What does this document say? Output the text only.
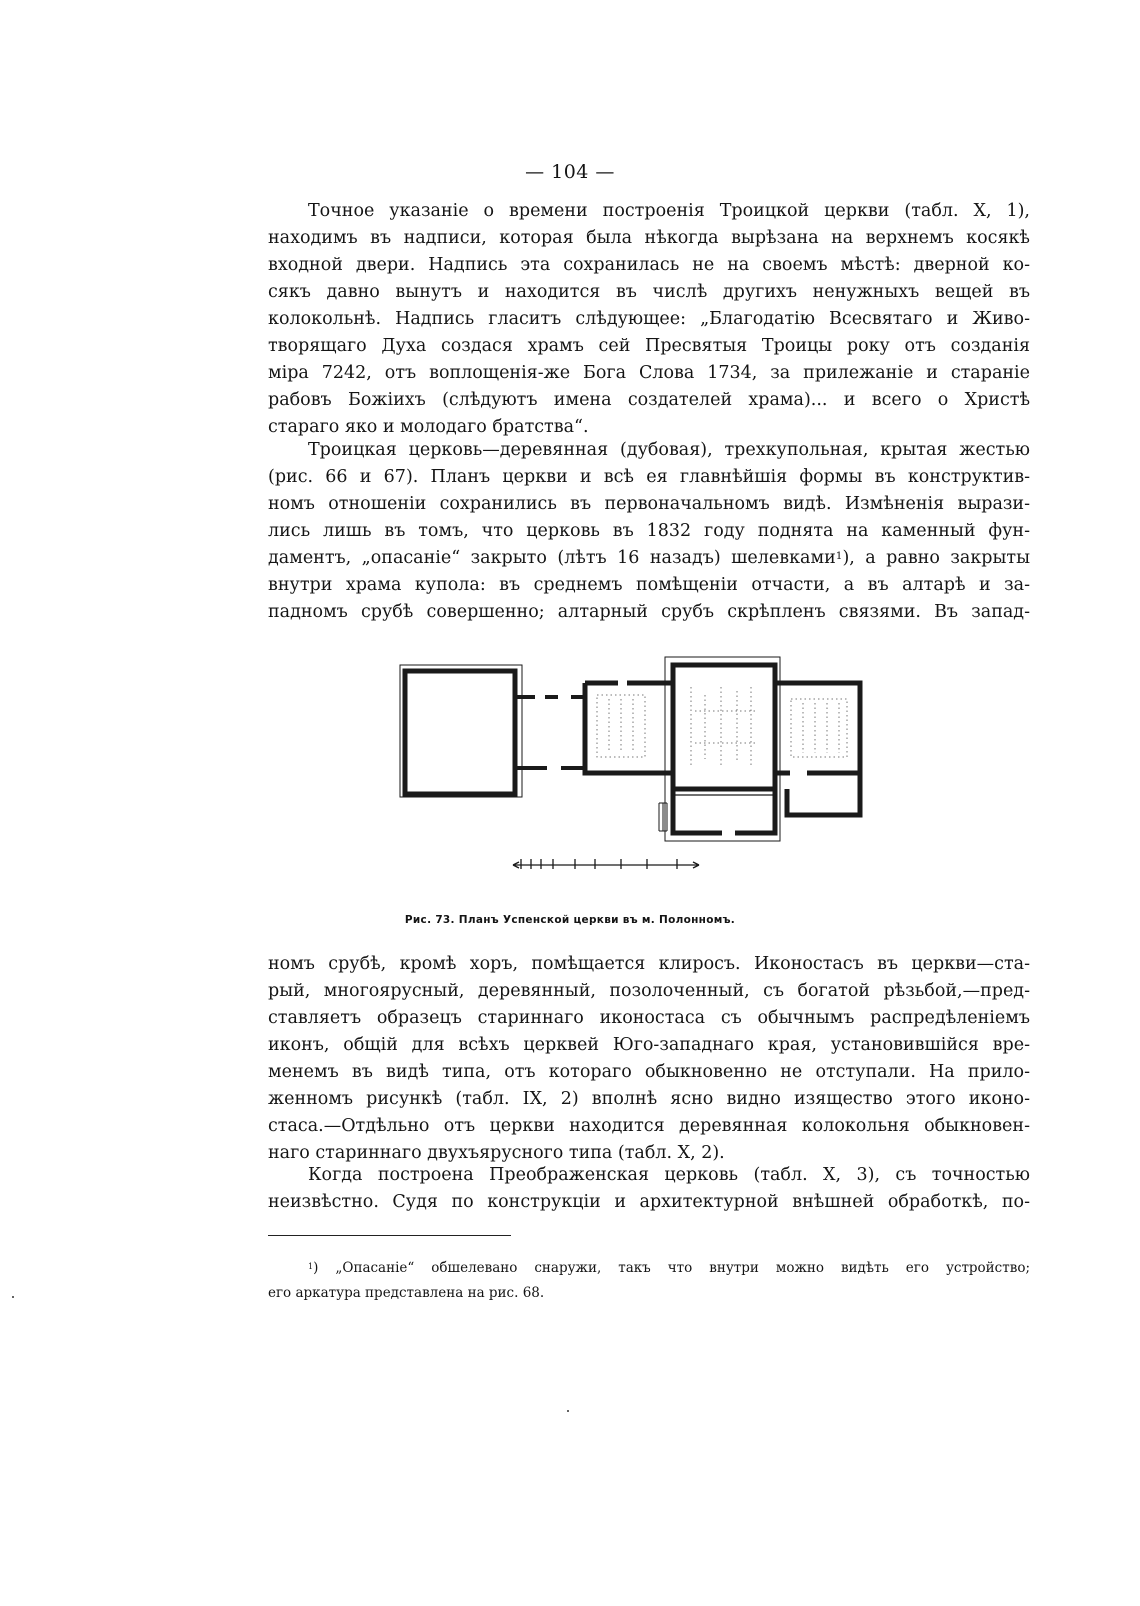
— 104 —
Точное указаніе о времени построенія Троицкой церкви (табл. X, 1),
находимъ въ надписи, которая была нѣкогда вырѣзана на верхнемъ косякѣ
входной двери. Надпись эта сохранилась не на своемъ мѣстѣ: дверной ко-
сякъ давно вынутъ и находится въ числѣ другихъ ненужныхъ вещей въ
колокольнѣ. Надпись гласитъ слѣдующее: „Благодатію Всесвятаго и Живо-
творящаго Духа создася храмъ сей Пресвятыя Троицы року отъ созданія
міра 7242, отъ воплощенія-же Бога Слова 1734, за прилежаніе и стараніе
рабовъ Божіихъ (слѣдуютъ имена создателей храма)... и всего о Христѣ
стараго яко и молодаго братства“.
Троицкая церковь—деревянная (дубовая), трехкупольная, крытая жестью
(рис. 66 и 67). Планъ церкви и всѣ ея главнѣйшія формы въ конструктив-
номъ отношеніи сохранились въ первоначальномъ видѣ. Измѣненія вырази-
лись лишь въ томъ, что церковь въ 1832 году поднята на каменный фун-
даментъ, „опасаніе“ закрыто (лѣтъ 16 назадъ) шелевками$^1$), а равно закрыты
внутри храма купола: въ среднемъ помѣщеніи отчасти, а въ алтарѣ и за-
падномъ срубѣ совершенно; алтарный срубъ скрѣпленъ связями. Въ запад-
Рис. 73. Планъ Успенской церкви въ м. Полонномъ.
номъ срубѣ, кромѣ хоръ, помѣщается клиросъ. Иконостасъ въ церкви—ста-
рый, многоярусный, деревянный, позолоченный, съ богатой рѣзьбой,—пред-
ставляетъ образецъ стариннаго иконостаса съ обычнымъ распредѣленіемъ
иконъ, общій для всѣхъ церквей Юго-западнаго края, установившійся вре-
менемъ въ видѣ типа, отъ котораго обыкновенно не отступали. На прило-
женномъ рисункѣ (табл. IX, 2) вполнѣ ясно видно изящество этого иконо-
стаса.—Отдѣльно отъ церкви находится деревянная колокольня обыкновен-
наго стариннаго двухъярусного типа (табл. X, 2).
Когда построена Преображенская церковь (табл. X, 3), съ точностью
неизвѣстно. Судя по конструкціи и архитектурной внѣшней обработкѣ, по-
$^1$) „Опасаніе“ обшелевано снаружи, такъ что внутри можно видѣть его устройство;
его аркатура представлена на рис. 68.
